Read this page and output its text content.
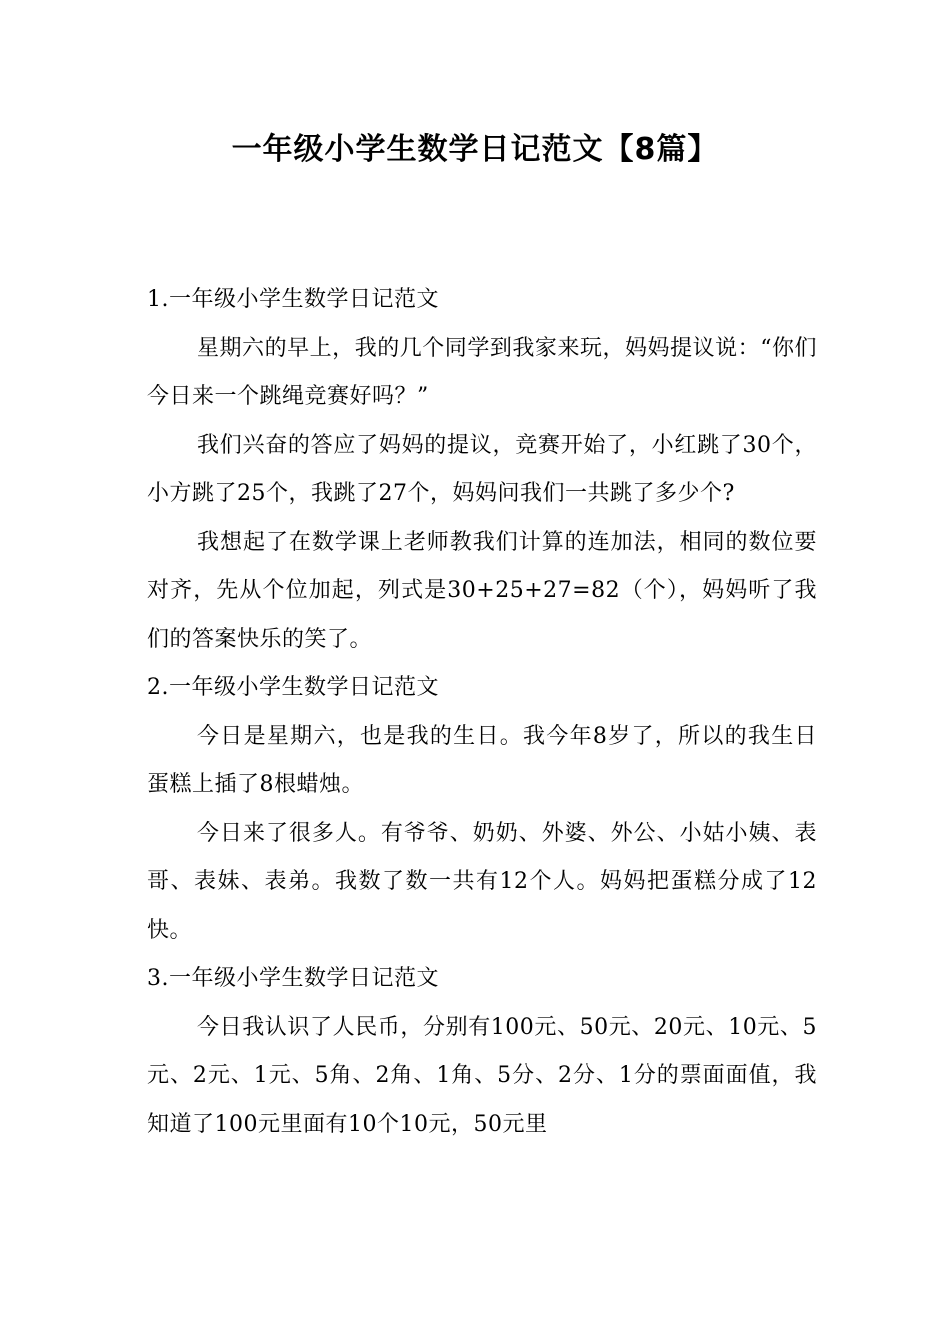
一年级小学生数学日记范文【8篇】
1.一年级小学生数学日记范文

星期六的早上，我的几个同学到我家来玩，妈妈提议说：“你们今日来一个跳绳竞赛好吗？”

我们兴奋的答应了妈妈的提议，竞赛开始了，小红跳了30个，小方跳了25个，我跳了27个，妈妈问我们一共跳了多少个?

我想起了在数学课上老师教我们计算的连加法，相同的数位要对齐，先从个位加起，列式是30+25+27=82（个），妈妈听了我们的答案快乐的笑了。

2.一年级小学生数学日记范文

今日是星期六，也是我的生日。我今年8岁了，所以的我生日蛋糕上插了8根蜡烛。

今日来了很多人。有爷爷、奶奶、外婆、外公、小姑小姨、表哥、表妹、表弟。我数了数一共有12个人。妈妈把蛋糕分成了12快。

3.一年级小学生数学日记范文

今日我认识了人民币，分别有100元、50元、20元、10元、5元、2元、1元、5角、2角、1角、5分、2分、1分的票面面值，我知道了100元里面有10个10元，50元里
